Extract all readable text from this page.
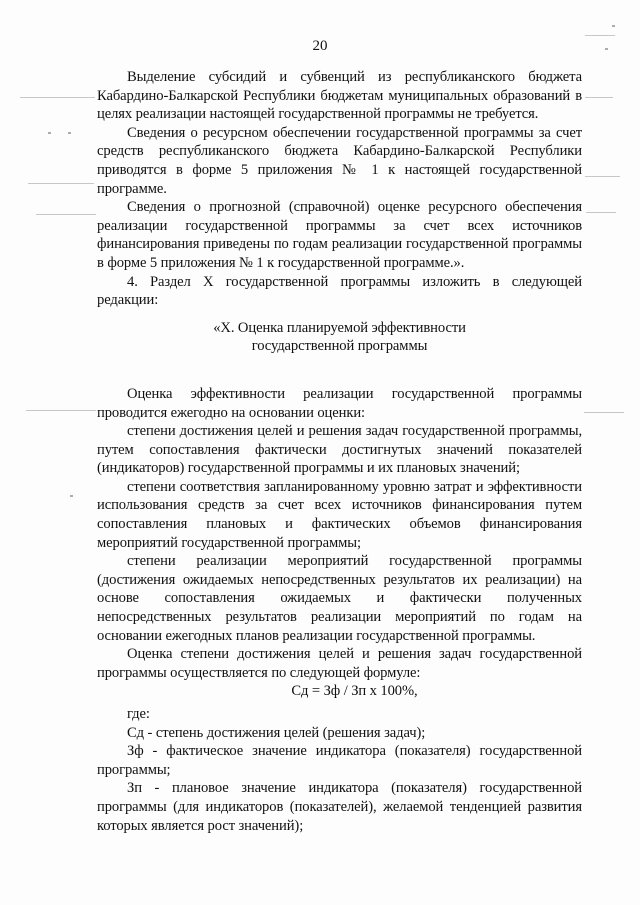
20

Выделение субсидий и субвенций из республиканского бюджета Кабардино-Балкарской Республики бюджетам муниципальных образований в целях реализации настоящей государственной программы не требуется.

Сведения о ресурсном обеспечении государственной программы за счет средств республиканского бюджета Кабардино-Балкарской Республики приводятся в форме 5 приложения № 1 к настоящей государственной программе.

Сведения о прогнозной (справочной) оценке ресурсного обеспечения реализации государственной программы за счет всех источников финансирования приведены по годам реализации государственной программы в форме 5 приложения № 1 к государственной программе.».

4. Раздел X государственной программы изложить в следующей редакции:

«X. Оценка планируемой эффективности
государственной программы

Оценка эффективности реализации государственной программы проводится ежегодно на основании оценки:

степени достижения целей и решения задач государственной программы, путем сопоставления фактически достигнутых значений показателей (индикаторов) государственной программы и их плановых значений;

степени соответствия запланированному уровню затрат и эффективности использования средств за счет всех источников финансирования путем сопоставления плановых и фактических объемов финансирования мероприятий государственной программы;

степени реализации мероприятий государственной программы (достижения ожидаемых непосредственных результатов их реализации) на основе сопоставления ожидаемых и фактически полученных непосредственных результатов реализации мероприятий по годам на основании ежегодных планов реализации государственной программы.

Оценка степени достижения целей и решения задач государственной программы осуществляется по следующей формуле:

Сд = Зф / Зп х 100%,

где:

Сд - степень достижения целей (решения задач);

Зф - фактическое значение индикатора (показателя) государственной программы;

Зп - плановое значение индикатора (показателя) государственной программы (для индикаторов (показателей), желаемой тенденцией развития которых является рост значений);
